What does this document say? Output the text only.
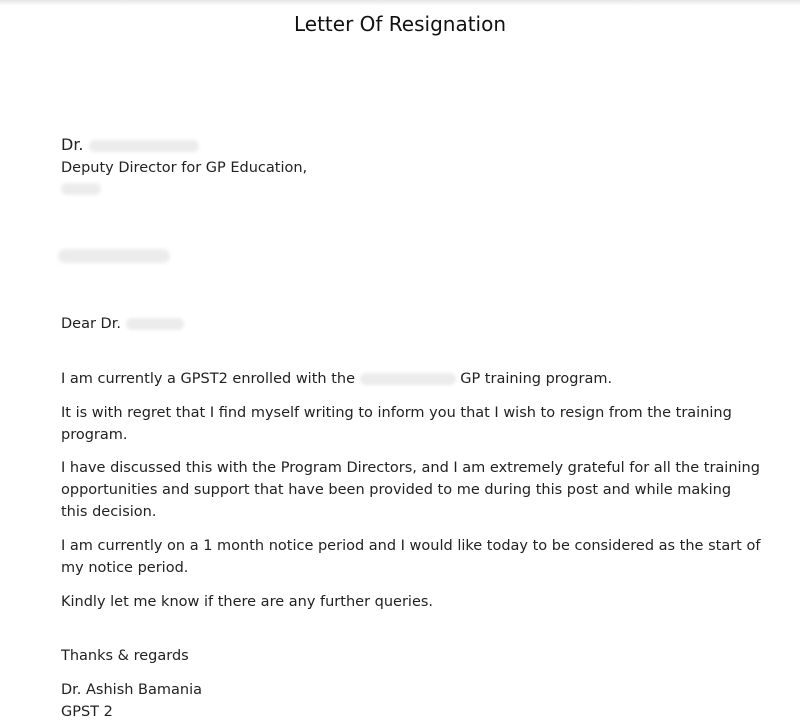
Letter Of Resignation
Dr.
Deputy Director for GP Education,
Dear Dr.
I am currently a GPST2 enrolled with the	GP training program.
It is with regret that I find myself writing to inform you that I wish to resign from the training program.
I have discussed this with the Program Directors, and I am extremely grateful for all the training opportunities and support that have been provided to me during this post and while making this decision.
I am currently on a 1 month notice period and I would like today to be considered as the start of my notice period.
Kindly let me know if there are any further queries.
Thanks & regards
Dr. Ashish Bamania
GPST 2
